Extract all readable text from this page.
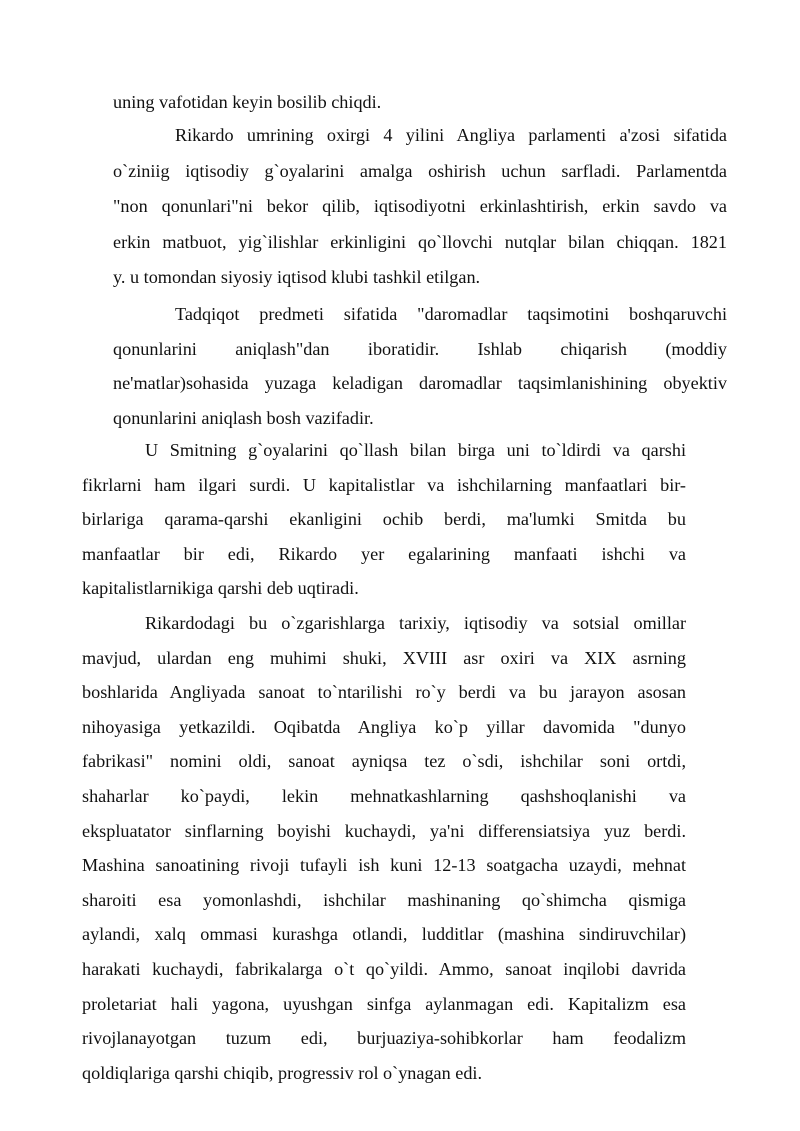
uning vafotidan keyin bosilib chiqdi.
Rikardo umrining oxirgi 4 yilini Angliya parlamenti a'zosi sifatida
o`ziniig iqtisodiy g`oyalarini amalga oshirish uchun sarfladi. Parlamentda
"non qonunlari"ni bekor qilib, iqtisodiyotni erkinlashtirish, erkin savdo va
erkin matbuot, yig`ilishlar erkinligini qo`llovchi nutqlar bilan chiqqan. 1821
y. u tomondan siyosiy iqtisod klubi tashkil etilgan.
Tadqiqot predmeti sifatida "daromadlar taqsimotini boshqaruvchi
qonunlarini aniqlash"dan iboratidir. Ishlab chiqarish (moddiy
ne'matlar)sohasida yuzaga keladigan daromadlar taqsimlanishining obyektiv
qonunlarini aniqlash bosh vazifadir.
U Smitning g`oyalarini qo`llash bilan birga uni to`ldirdi va qarshi
fikrlarni ham ilgari surdi. U kapitalistlar va ishchilarning manfaatlari bir-
birlariga qarama-qarshi ekanligini ochib berdi, ma'lumki Smitda bu
manfaatlar bir edi, Rikardo yer egalarining manfaati ishchi va
kapitalistlarnikiga qarshi deb uqtiradi.
Rikardodagi bu o`zgarishlarga tarixiy, iqtisodiy va sotsial omillar
mavjud, ulardan eng muhimi shuki, XVIII asr oxiri va XIX asrning
boshlarida Angliyada sanoat to`ntarilishi ro`y berdi va bu jarayon asosan
nihoyasiga yetkazildi. Oqibatda Angliya ko`p yillar davomida "dunyo
fabrikasi" nomini oldi, sanoat ayniqsa tez o`sdi, ishchilar soni ortdi,
shaharlar ko`paydi, lekin mehnatkashlarning qashshoqlanishi va
ekspluatator sinflarning boyishi kuchaydi, ya'ni differensiatsiya yuz berdi.
Mashina sanoatining rivoji tufayli ish kuni 12-13 soatgacha uzaydi, mehnat
sharoiti esa yomonlashdi, ishchilar mashinaning qo`shimcha qismiga
aylandi, xalq ommasi kurashga otlandi, ludditlar (mashina sindiruvchilar)
harakati kuchaydi, fabrikalarga o`t qo`yildi. Ammo, sanoat inqilobi davrida
proletariat hali yagona, uyushgan sinfga aylanmagan edi. Kapitalizm esa
rivojlanayotgan tuzum edi, burjuaziya-sohibkorlar ham feodalizm
qoldiqlariga qarshi chiqib, progressiv rol o`ynagan edi.
